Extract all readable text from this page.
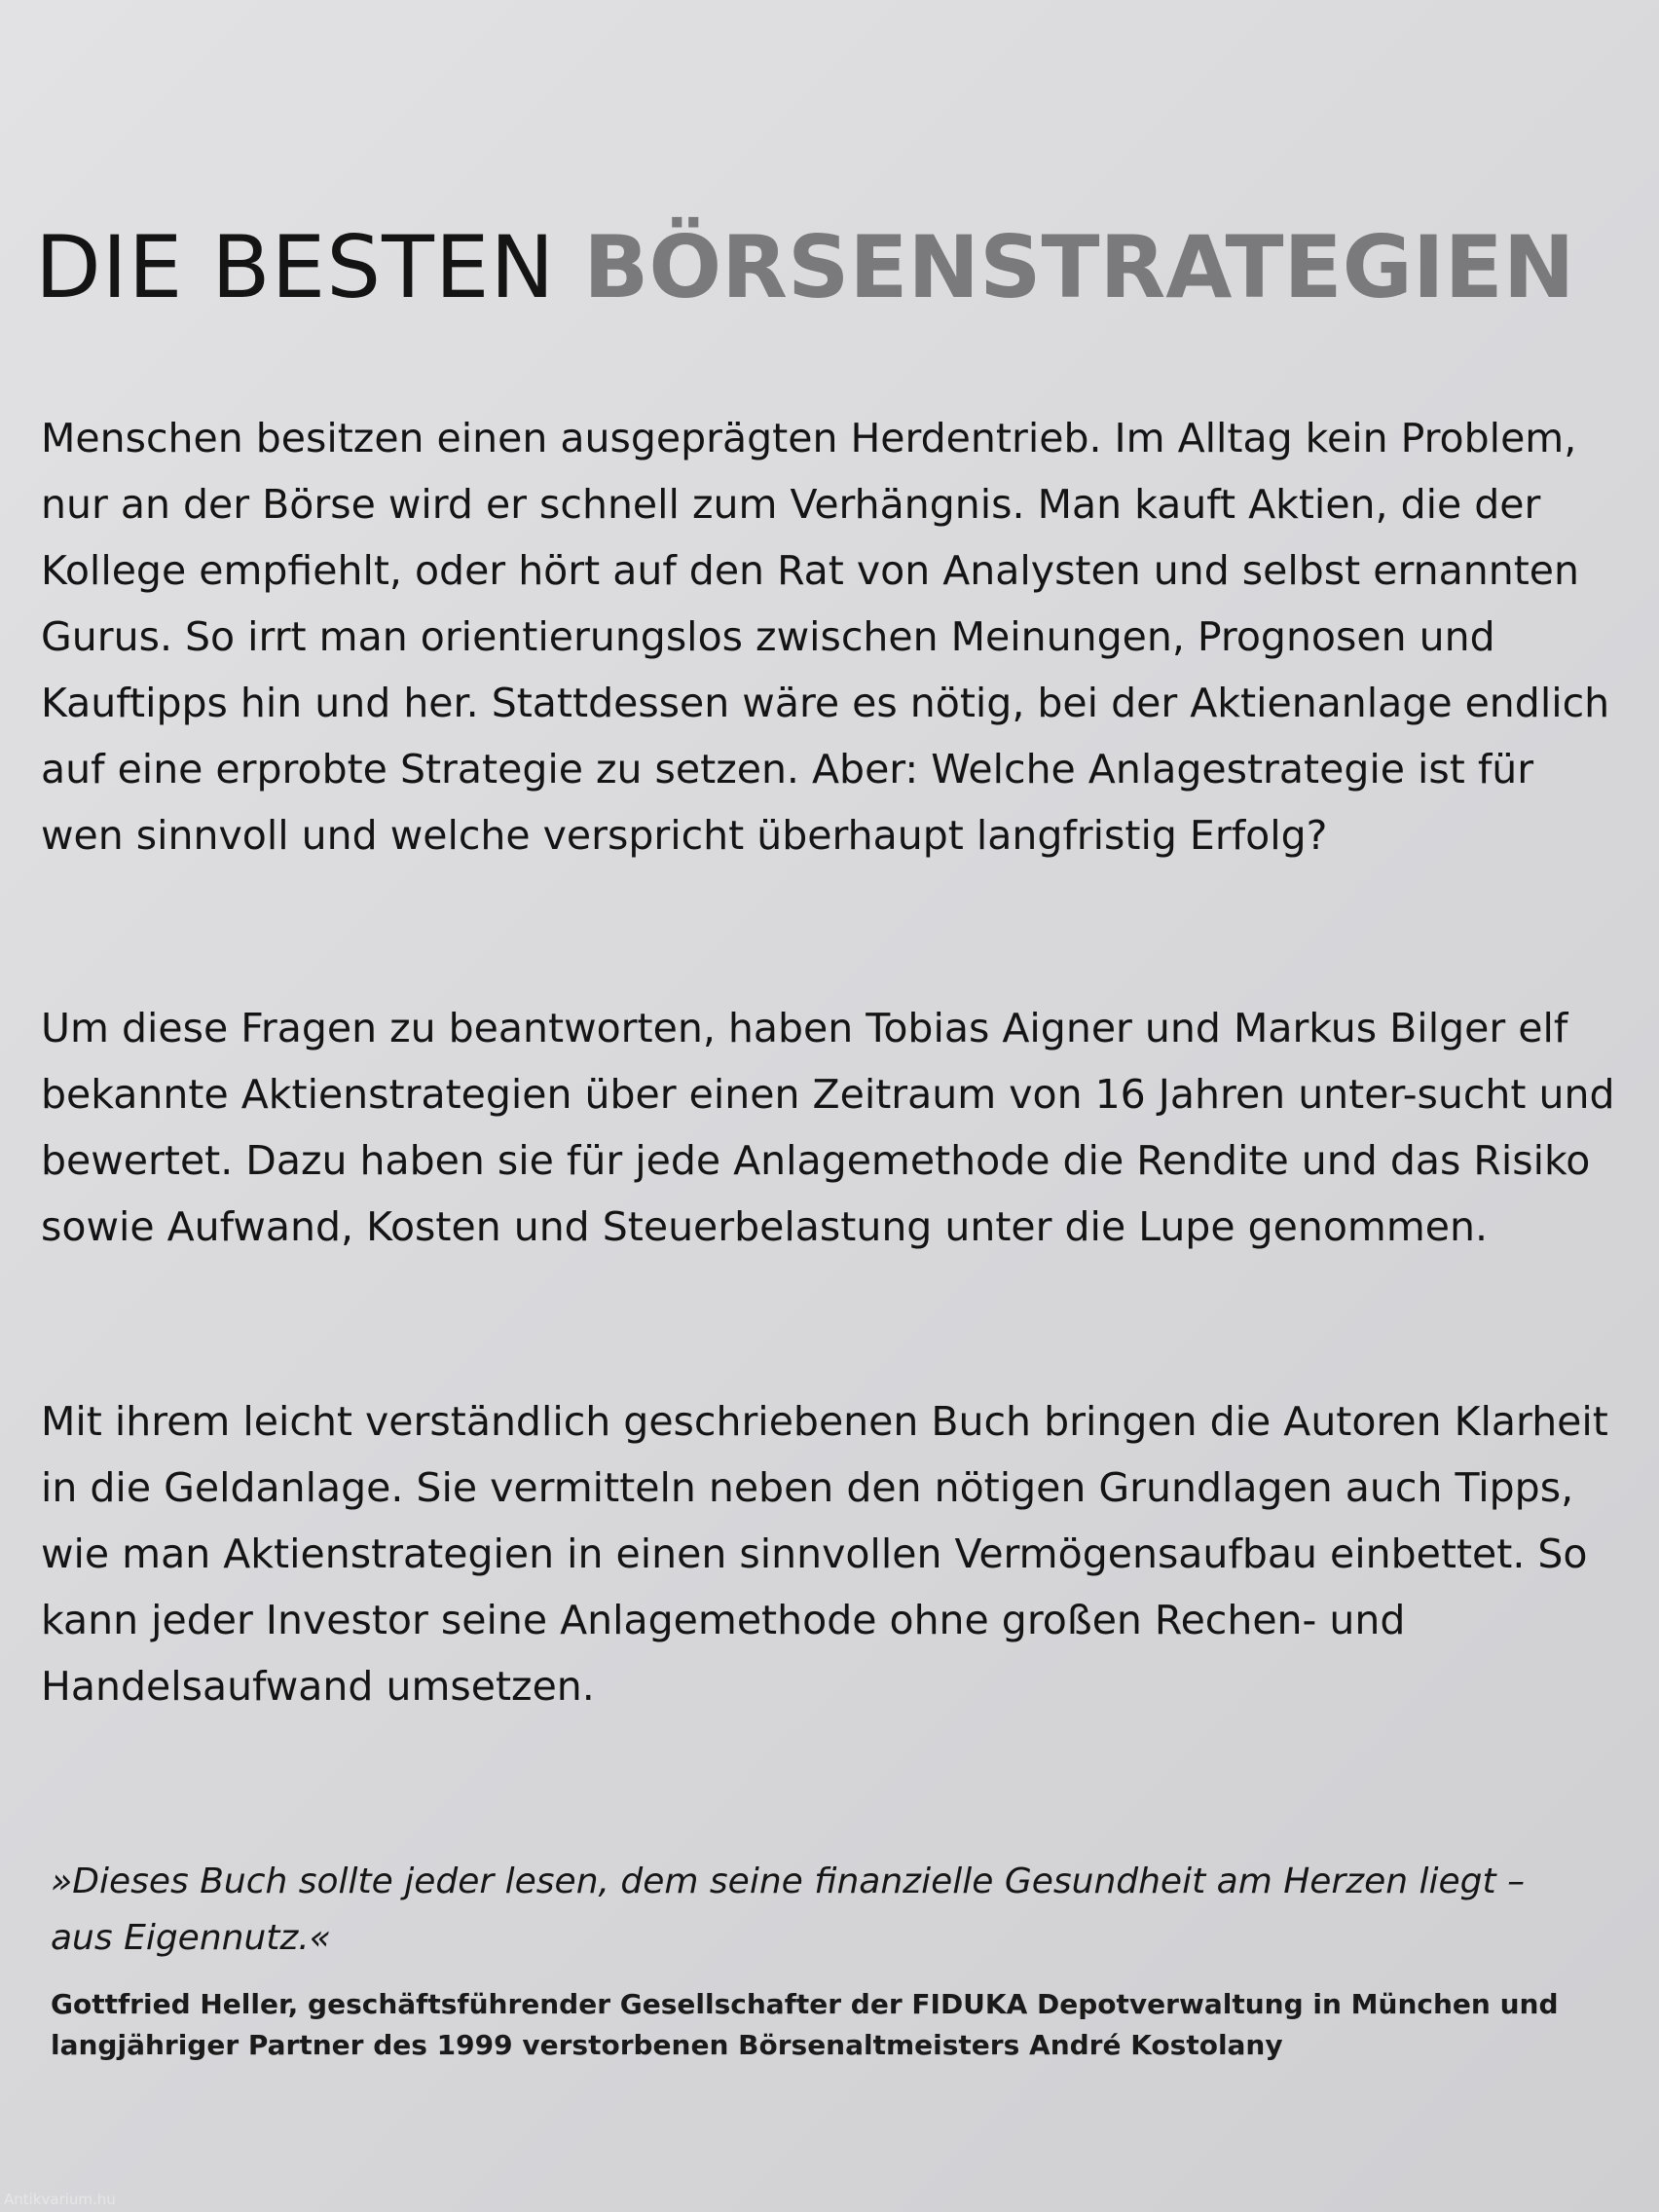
DIE BESTEN BÖRSENSTRATEGIEN

Menschen besitzen einen ausgeprägten Herdentrieb. Im Alltag kein Problem, nur an der Börse wird er schnell zum Verhängnis. Man kauft Aktien, die der Kollege empfiehlt, oder hört auf den Rat von Analysten und selbst ernannten Gurus. So irrt man orientierungslos zwischen Meinungen, Prognosen und Kauftipps hin und her. Stattdessen wäre es nötig, bei der Aktienanlage endlich auf eine erprobte Strategie zu setzen. Aber: Welche Anlagestrategie ist für wen sinnvoll und welche verspricht überhaupt langfristig Erfolg?

Um diese Fragen zu beantworten, haben Tobias Aigner und Markus Bilger elf bekannte Aktienstrategien über einen Zeitraum von 16 Jahren unter-sucht und bewertet. Dazu haben sie für jede Anlagemethode die Rendite und das Risiko sowie Aufwand, Kosten und Steuerbelastung unter die Lupe genommen.

Mit ihrem leicht verständlich geschriebenen Buch bringen die Autoren Klarheit in die Geldanlage. Sie vermitteln neben den nötigen Grundlagen auch Tipps, wie man Aktienstrategien in einen sinnvollen Vermögensaufbau einbettet. So kann jeder Investor seine Anlagemethode ohne großen Rechen- und Handelsaufwand umsetzen.

»Dieses Buch sollte jeder lesen, dem seine finanzielle Gesundheit am Herzen liegt – aus Eigennutz.«

Gottfried Heller, geschäftsführender Gesellschafter der FIDUKA Depotverwaltung in München und langjähriger Partner des 1999 verstorbenen Börsenaltmeisters André Kostolany

Antikvarium.hu
